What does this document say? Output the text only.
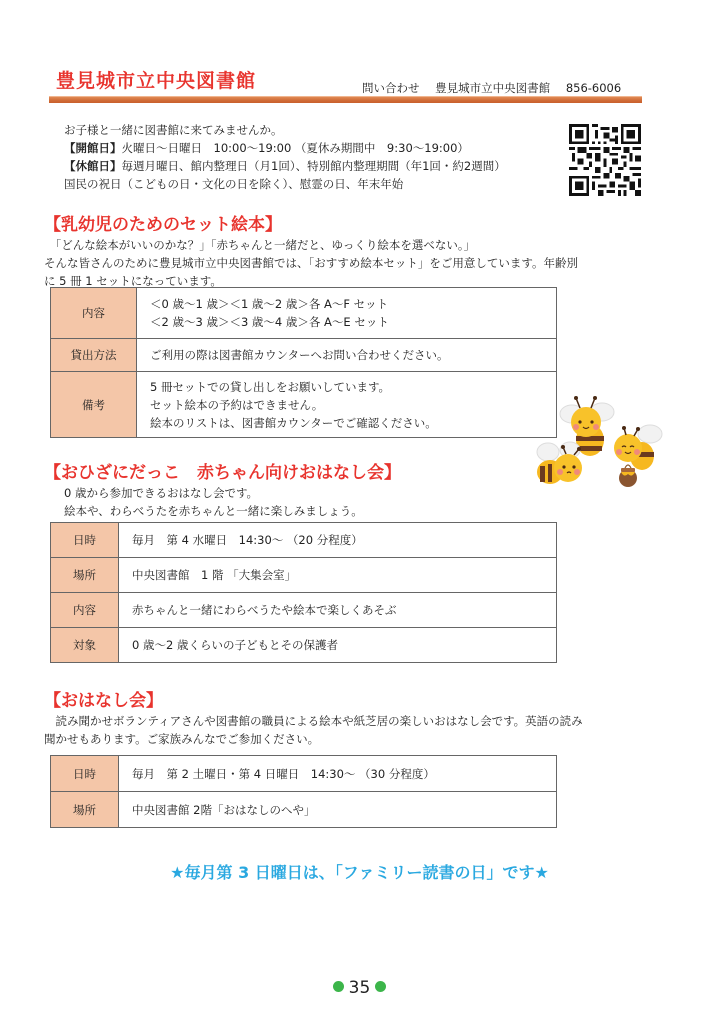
豊見城市立中央図書館	問い合わせ 豊見城市立中央図書館 856-6006
お子様と一緒に図書館に来てみませんか。
【開館日】火曜日～日曜日　10:00～19:00 （夏休み期間中　9:30～19:00）
【休館日】毎週月曜日、館内整理日（月1回）、特別館内整理期間（年1回・約2週間）
国民の祝日（こどもの日・文化の日を除く）、慰霊の日、年末年始
【乳幼児のためのセット絵本】
　「どんな絵本がいいのかな？」「赤ちゃんと一緒だと、ゆっくり絵本を選べない。」
そんな皆さんのために豊見城市立中央図書館では、「おすすめ絵本セット」をご用意しています。年齢別
に 5 冊 1 セットになっています。
内容	＜0 歳～1 歳＞＜1 歳～2 歳＞各 A～F セット
＜2 歳～3 歳＞＜3 歳～4 歳＞各 A～E セット

貸出方法	ご利用の際は図書館カウンターへお問い合わせください。
備考	5 冊セットでの貸し出しをお願いしています。
セット絵本の予約はできません。
絵本のリストは、図書館カウンターでご確認ください。
【おひざにだっこ　赤ちゃん向けおはなし会】
0 歳から参加できるおはなし会です。
絵本や、わらべうたを赤ちゃんと一緒に楽しみましょう。
日時	毎月　第 4 水曜日　14:30～ （20 分程度）
場所	中央図書館　1 階 「大集会室」
内容	赤ちゃんと一緒にわらべうたや絵本で楽しくあそぶ
対象	0 歳～2 歳くらいの子どもとその保護者
【おはなし会】
　読み聞かせボランティアさんや図書館の職員による絵本や紙芝居の楽しいおはなし会です。英語の読み
聞かせもあります。ご家族みんなでご参加ください。
日時	毎月　第 2 土曜日・第 4 日曜日　14:30～ （30 分程度）
場所	中央図書館 2階「おはなしのへや」
★毎月第 3 日曜日は、「ファミリー読書の日」です★
35
